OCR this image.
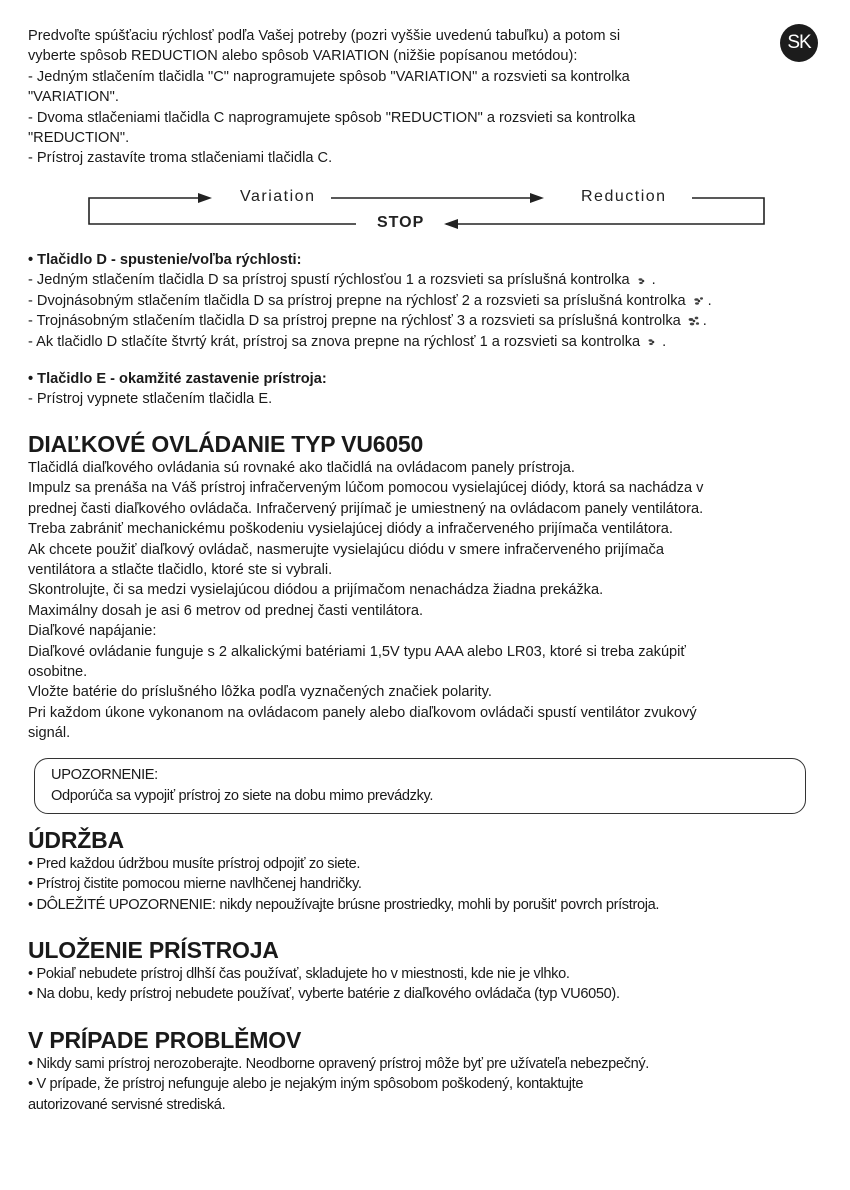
SK

Predvoľte spúšťaciu rýchlosť podľa Vašej potreby (pozri vyššie uvedenú tabuľku) a potom si

vyberte spôsob REDUCTION alebo spôsob VARIATION (nižšie popísanou metódou):

- Jedným stlačením tlačidla "C" naprogramujete spôsob "VARIATION" a rozsvieti sa kontrolka

"VARIATION".

- Dvoma stlačeniami tlačidla C naprogramujete spôsob "REDUCTION" a rozsvieti sa kontrolka

"REDUCTION".

- Prístroj zastavíte troma stlačeniami tlačidla C.

Variation	Reduction
STOP

• Tlačidlo D - spustenie/voľba rýchlosti:

- Jedným stlačením tlačidla D sa prístroj spustí rýchlosťou 1 a rozsvieti sa príslušná kontrolka .

- Dvojnásobným stlačením tlačidla D sa prístroj prepne na rýchlosť 2 a rozsvieti sa príslušná kontrolka .

- Trojnásobným stlačením tlačidla D sa prístroj prepne na rýchlosť 3 a rozsvieti sa príslušná kontrolka .

- Ak tlačidlo D stlačíte štvrtý krát, prístroj sa znova prepne na rýchlosť 1 a rozsvieti sa kontrolka .

• Tlačidlo E - okamžité zastavenie prístroja:

- Prístroj vypnete stlačením tlačidla E.

DIAĽKOVÉ OVLÁDANIE TYP VU6050

Tlačidlá diaľkového ovládania sú rovnaké ako tlačidlá na ovládacom panely prístroja.

Impulz sa prenáša na Váš prístroj infračerveným lúčom pomocou vysielajúcej diódy, ktorá sa nachádza v

prednej časti diaľkového ovládača. Infračervený prijímač je umiestnený na ovládacom panely ventilátora.

Treba zabrániť mechanickému poškodeniu vysielajúcej diódy a infračerveného prijímača ventilátora.

Ak chcete použiť diaľkový ovládač, nasmerujte vysielajúcu diódu v smere infračerveného prijímača

ventilátora a stlačte tlačidlo, ktoré ste si vybrali.

Skontrolujte, či sa medzi vysielajúcou diódou a prijímačom nenachádza žiadna prekážka.

Maximálny dosah je asi 6 metrov od prednej časti ventilátora.

Diaľkové napájanie:

Diaľkové ovládanie funguje s 2 alkalickými batériami 1,5V typu AAA alebo LR03, ktoré si treba zakúpiť

osobitne.

Vložte batérie do príslušného lôžka podľa vyznačených značiek polarity.

Pri každom úkone vykonanom na ovládacom panely alebo diaľkovom ovládači spustí ventilátor zvukový

signál.

UPOZORNENIE:

Odporúča sa vypojiť prístroj zo siete na dobu mimo prevádzky.

ÚDRŽBA

• Pred každou údržbou musíte prístroj odpojiť zo siete.

• Prístroj čistite pomocou mierne navlhčenej handričky.

• DÔLEŽITÉ UPOZORNENIE: nikdy nepoužívajte brúsne prostriedky, mohli by porušit' povrch prístroja.

ULOŽENIE PRÍSTROJA

• Pokiaľ nebudete prístroj dlhší čas používať, skladujete ho v miestnosti, kde nie je vlhko.

• Na dobu, kedy prístroj nebudete používať, vyberte batérie z diaľkového ovládača (typ VU6050).

V PRÍPADE PROBLĚMOV

• Nikdy sami prístroj nerozoberajte. Neodborne opravený prístroj môže byť pre užívateľa nebezpečný.

• V prípade, že prístroj nefunguje alebo je nejakým iným spôsobom poškodený, kontaktujte

autorizované servisné strediská.
